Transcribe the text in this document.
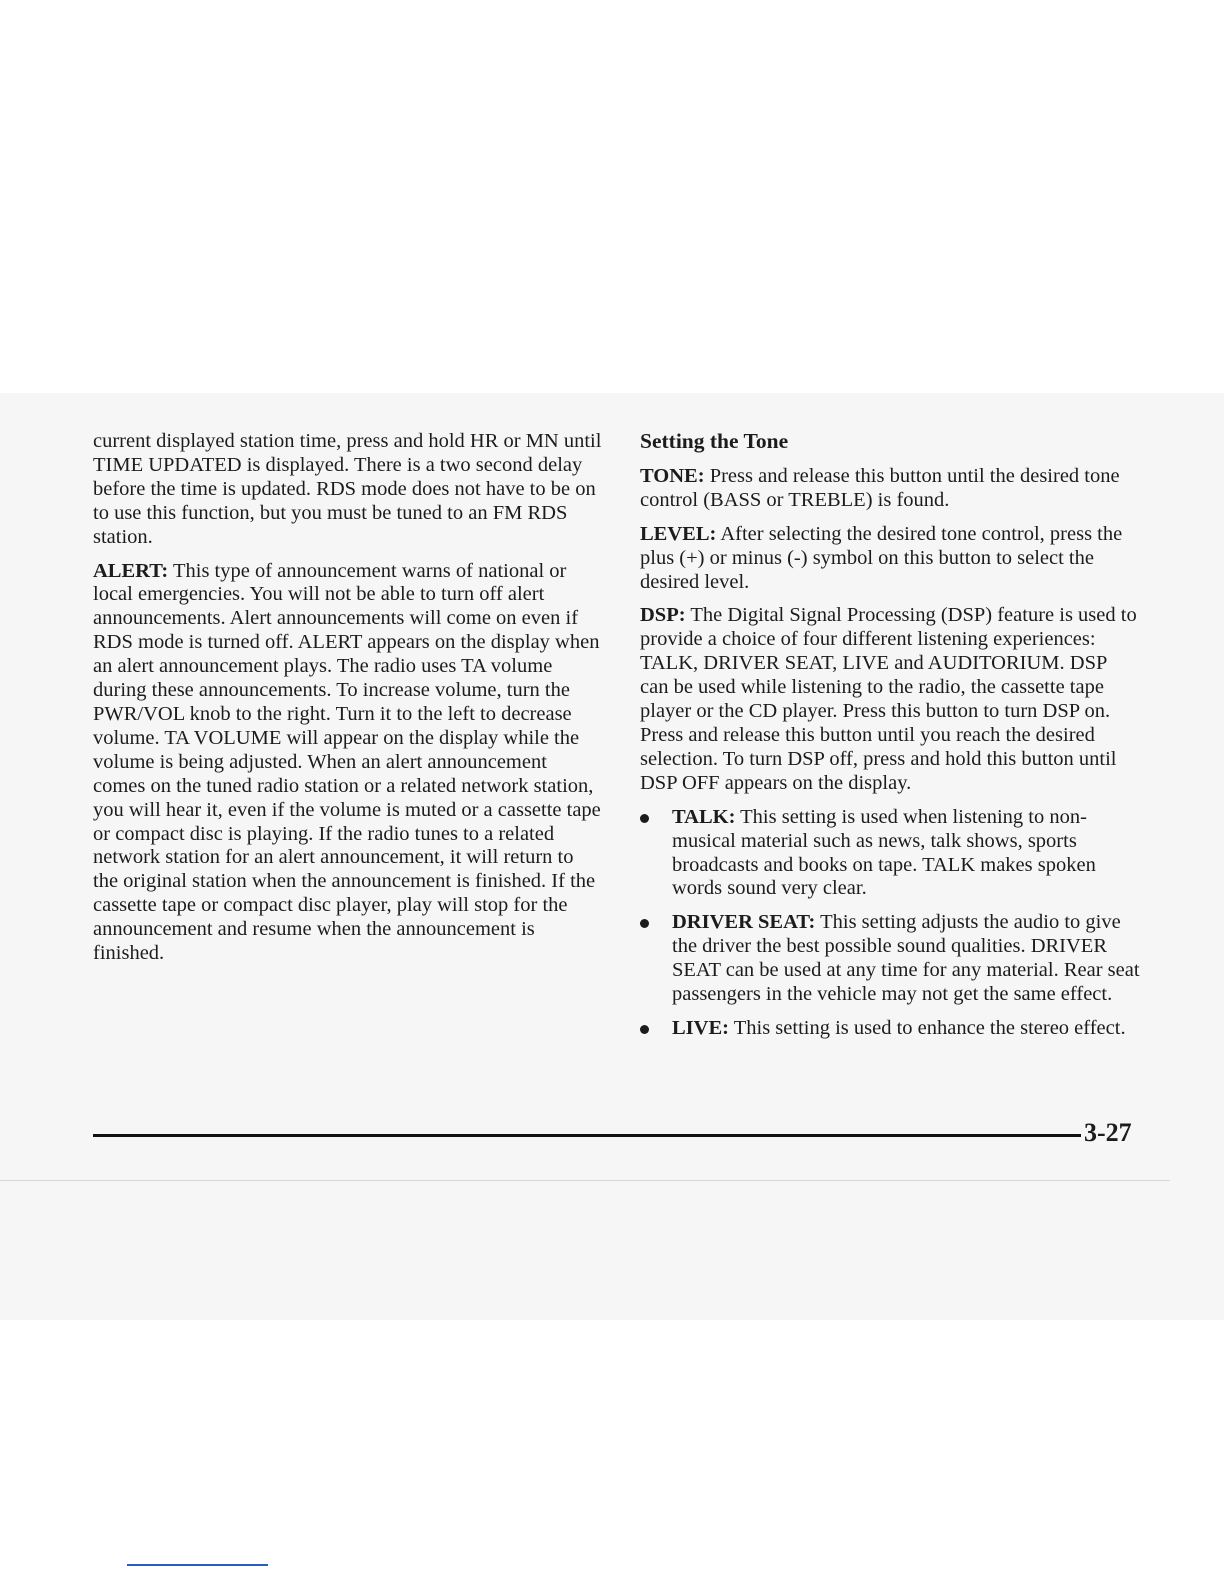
current displayed station time, press and hold HR or MN until TIME UPDATED is displayed. There is a two second delay before the time is updated. RDS mode does not have to be on to use this function, but you must be tuned to an FM RDS station.

ALERT: This type of announcement warns of national or local emergencies. You will not be able to turn off alert announcements. Alert announcements will come on even if RDS mode is turned off. ALERT appears on the display when an alert announcement plays. The radio uses TA volume during these announcements. To increase volume, turn the PWR/VOL knob to the right. Turn it to the left to decrease volume. TA VOLUME will appear on the display while the volume is being adjusted. When an alert announcement comes on the tuned radio station or a related network station, you will hear it, even if the volume is muted or a cassette tape or compact disc is playing. If the radio tunes to a related network station for an alert announcement, it will return to the original station when the announcement is finished. If the cassette tape or compact disc player, play will stop for the announcement and resume when the announcement is finished.

Setting the Tone

TONE: Press and release this button until the desired tone control (BASS or TREBLE) is found.

LEVEL: After selecting the desired tone control, press the plus (+) or minus (-) symbol on this button to select the desired level.

DSP: The Digital Signal Processing (DSP) feature is used to provide a choice of four different listening experiences: TALK, DRIVER SEAT, LIVE and AUDITORIUM. DSP can be used while listening to the radio, the cassette tape player or the CD player. Press this button to turn DSP on. Press and release this button until you reach the desired selection. To turn DSP off, press and hold this button until DSP OFF appears on the display.

TALK: This setting is used when listening to non-musical material such as news, talk shows, sports broadcasts and books on tape. TALK makes spoken words sound very clear.
DRIVER SEAT: This setting adjusts the audio to give the driver the best possible sound qualities. DRIVER SEAT can be used at any time for any material. Rear seat passengers in the vehicle may not get the same effect.
LIVE: This setting is used to enhance the stereo effect.
3-27
